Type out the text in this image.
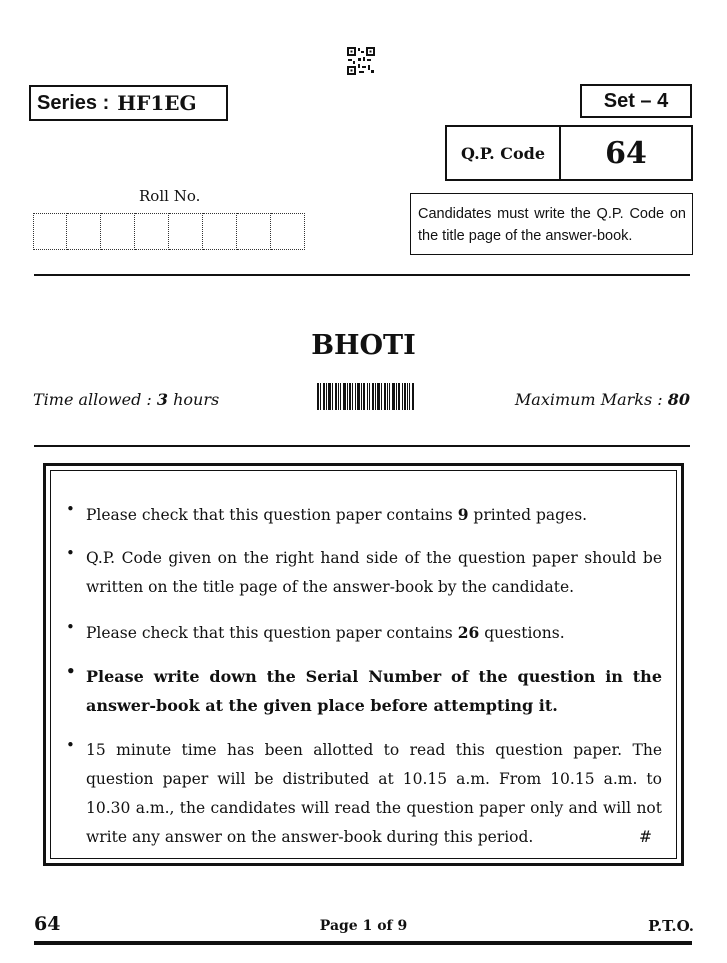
Series : HF1EG	Set – 4
Q.P. Code	64
Roll No.
Candidates must write the Q.P. Code on the title page of the answer-book.
BHOTI
Time allowed : 3 hours	Maximum Marks : 80
• Please check that this question paper contains 9 printed pages.
• Q.P. Code given on the right hand side of the question paper should be written on the title page of the answer-book by the candidate.
• Please check that this question paper contains 26 questions.
• Please write down the Serial Number of the question in the answer-book at the given place before attempting it.
• 15 minute time has been allotted to read this question paper. The question paper will be distributed at 10.15 a.m. From 10.15 a.m. to 10.30 a.m., the candidates will read the question paper only and will not write any answer on the answer-book during this period.	#
64	Page 1 of 9	P.T.O.
